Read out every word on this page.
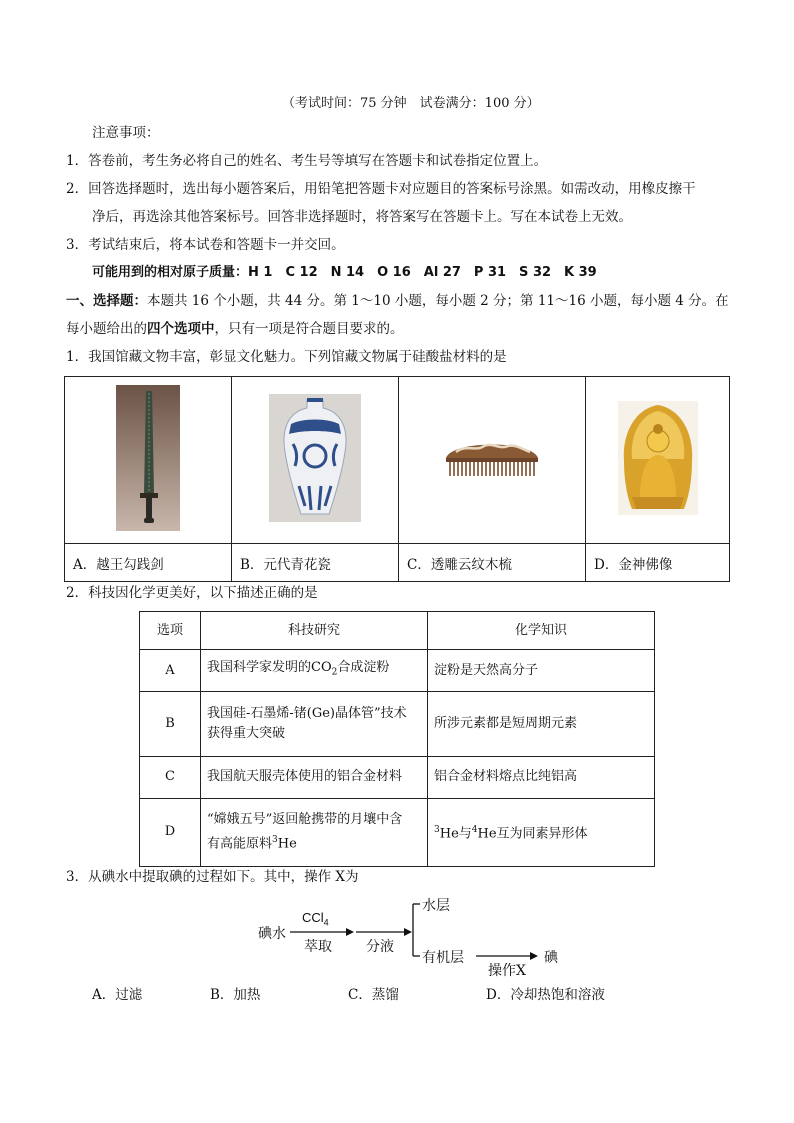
（考试时间：75 分钟　试卷满分：100 分）
注意事项：
1．答卷前，考生务必将自己的姓名、考生号等填写在答题卡和试卷指定位置上。
2．回答选择题时，选出每小题答案后，用铅笔把答题卡对应题目的答案标号涂黑。如需改动，用橡皮擦干
净后，再选涂其他答案标号。回答非选择题时，将答案写在答题卡上。写在本试卷上无效。
3．考试结束后，将本试卷和答题卡一并交回。
可能用到的相对原子质量：H 1　C 12　N 14　O 16　Al 27　P 31　S 32　K 39
一、选择题：本题共 16 个小题，共 44 分。第 1～10 小题，每小题 2 分；第 11～16 小题，每小题 4 分。在
每小题给出的四个选项中，只有一项是符合题目要求的。
1．我国馆藏文物丰富，彰显文化魅力。下列馆藏文物属于硅酸盐材料的是

A．越王勾践剑	B．元代青花瓷	C．透雕云纹木梳	D．金神佛像
2．科技因化学更美好，以下描述正确的是
选项	科技研究	化学知识
A	我国科学家发明的$CO_2$合成淀粉	淀粉是天然高分子
B	我国硅-石墨烯-锗(Ge)晶体管”技术
获得重大突破	所涉元素都是短周期元素
C	我国航天服壳体使用的铝合金材料	铝合金材料熔点比纯铝高
D	“嫦娥五号”返回舱携带的月壤中含
有高能原料$^3$He	$^3$He与$^4$He互为同素异形体
3．从碘水中提取碘的过程如下。其中，操作 X为
碘水
CCl$_4$
萃取 分液
水层
有机层
操作X
碘
A．过滤	B．加热	C．蒸馏	D．冷却热饱和溶液
